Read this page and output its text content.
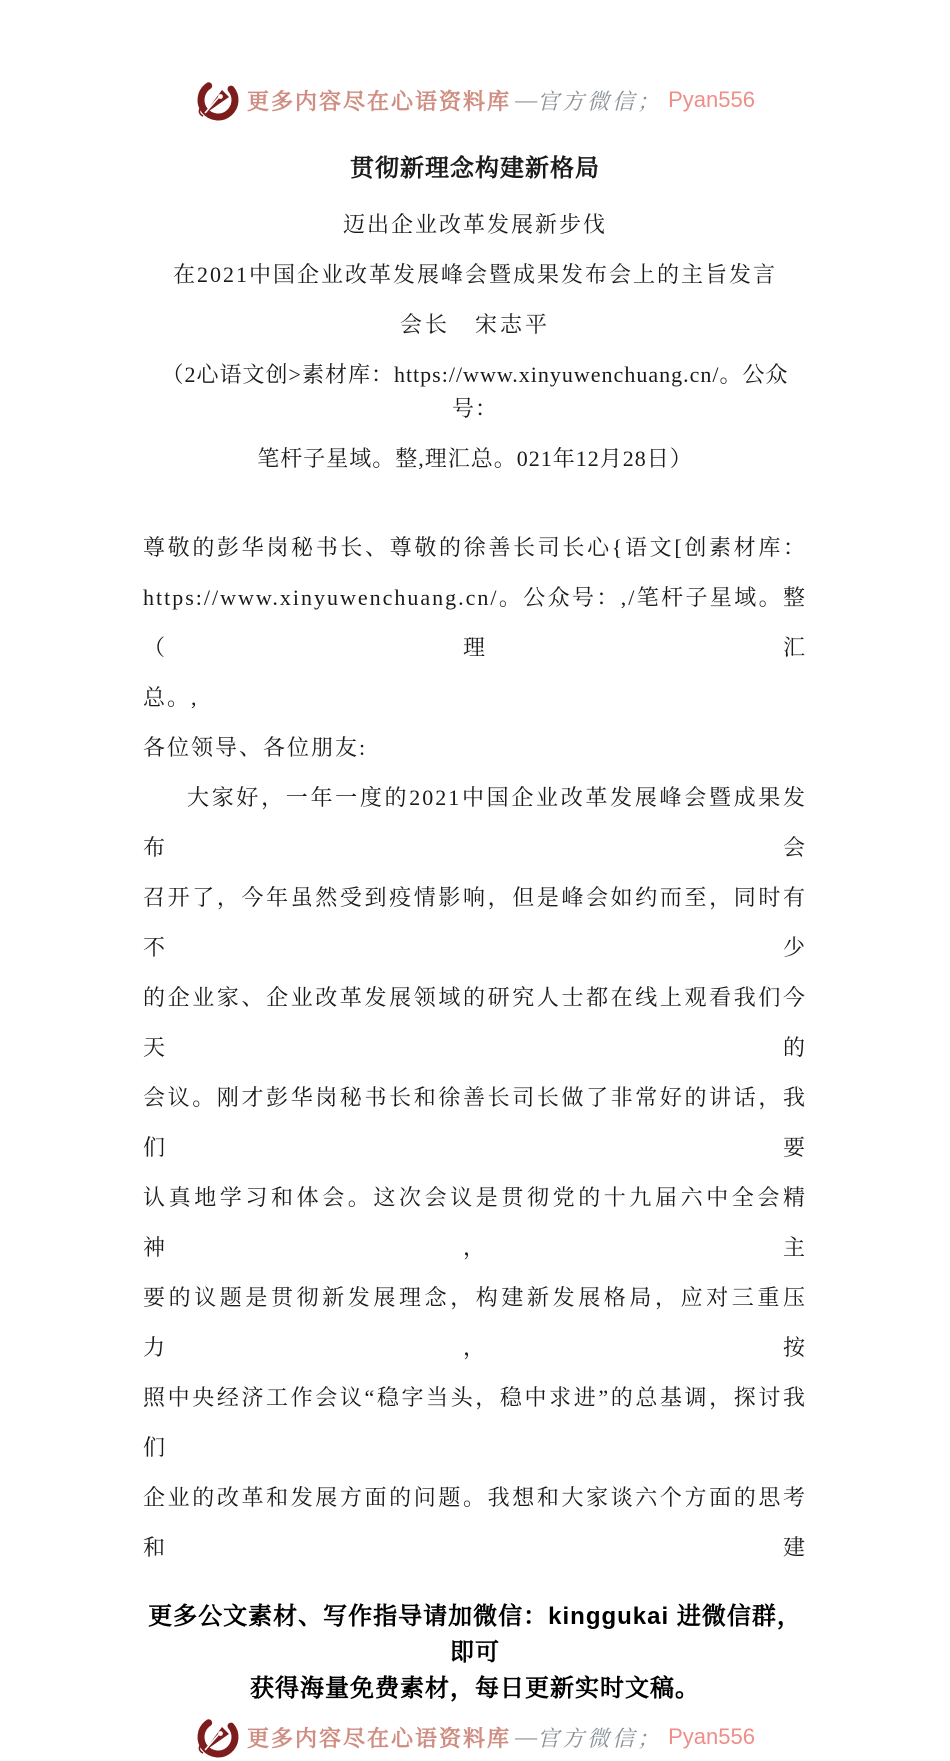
更多内容尽在心语资料库 — 官方微信； Pyan556
贯彻新理念构建新格局
迈出企业改革发展新步伐
在2021中国企业改革发展峰会暨成果发布会上的主旨发言
会长　宋志平
（2心语文创>素材库：https://www.xinyuwenchuang.cn/。公众号：
笔杆子星域。整,理汇总。021年12月28日）
尊敬的彭华岗秘书长、尊敬的徐善长司长心{语文[创素材库：
https://www.xinyuwenchuang.cn/。公众号：,/笔杆子星域。整（理汇
总。,
各位领导、各位朋友:
大家好，一年一度的2021中国企业改革发展峰会暨成果发布会
召开了，今年虽然受到疫情影响，但是峰会如约而至，同时有不少
的企业家、企业改革发展领域的研究人士都在线上观看我们今天的
会议。刚才彭华岗秘书长和徐善长司长做了非常好的讲话，我们要
认真地学习和体会。这次会议是贯彻党的十九届六中全会精神，主
要的议题是贯彻新发展理念，构建新发展格局，应对三重压力，按
照中央经济工作会议“稳字当头，稳中求进”的总基调，探讨我们
企业的改革和发展方面的问题。我想和大家谈六个方面的思考和建
更多公文素材、写作指导请加微信：kinggukai 进微信群，即可
获得海量免费素材，每日更新实时文稿。
更多内容尽在心语资料库 — 官方微信； Pyan556
